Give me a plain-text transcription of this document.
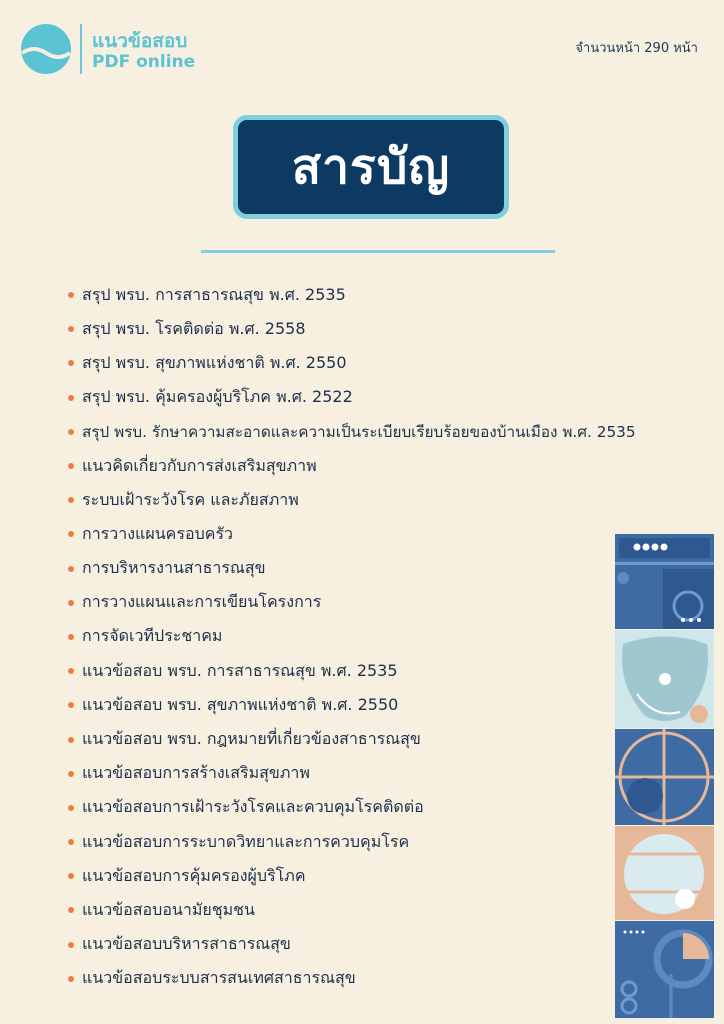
แนวข้อสอบ
PDF online
จำนวนหน้า 290 หน้า
สารบัญ
สรุป พรบ. การสาธารณสุข พ.ศ. 2535
สรุป พรบ. โรคติดต่อ พ.ศ. 2558
สรุป พรบ. สุขภาพแห่งชาติ พ.ศ. 2550
สรุป พรบ. คุ้มครองผู้บริโภค พ.ศ. 2522
สรุป พรบ. รักษาความสะอาดและความเป็นระเบียบเรียบร้อยของบ้านเมือง พ.ศ. 2535
แนวคิดเกี่ยวกับการส่งเสริมสุขภาพ
ระบบเฝ้าระวังโรค และภัยสภาพ
การวางแผนครอบครัว
การบริหารงานสาธารณสุข
การวางแผนและการเขียนโครงการ
การจัดเวทีประชาคม
แนวข้อสอบ พรบ. การสาธารณสุข พ.ศ. 2535
แนวข้อสอบ พรบ. สุขภาพแห่งชาติ พ.ศ. 2550
แนวข้อสอบ พรบ. กฎหมายที่เกี่ยวข้องสาธารณสุข
แนวข้อสอบการสร้างเสริมสุขภาพ
แนวข้อสอบการเฝ้าระวังโรคและควบคุมโรคติดต่อ
แนวข้อสอบการระบาดวิทยาและการควบคุมโรค
แนวข้อสอบการคุ้มครองผู้บริโภค
แนวข้อสอบอนามัยชุมชน
แนวข้อสอบบริหารสาธารณสุข
แนวข้อสอบระบบสารสนเทศสาธารณสุข
